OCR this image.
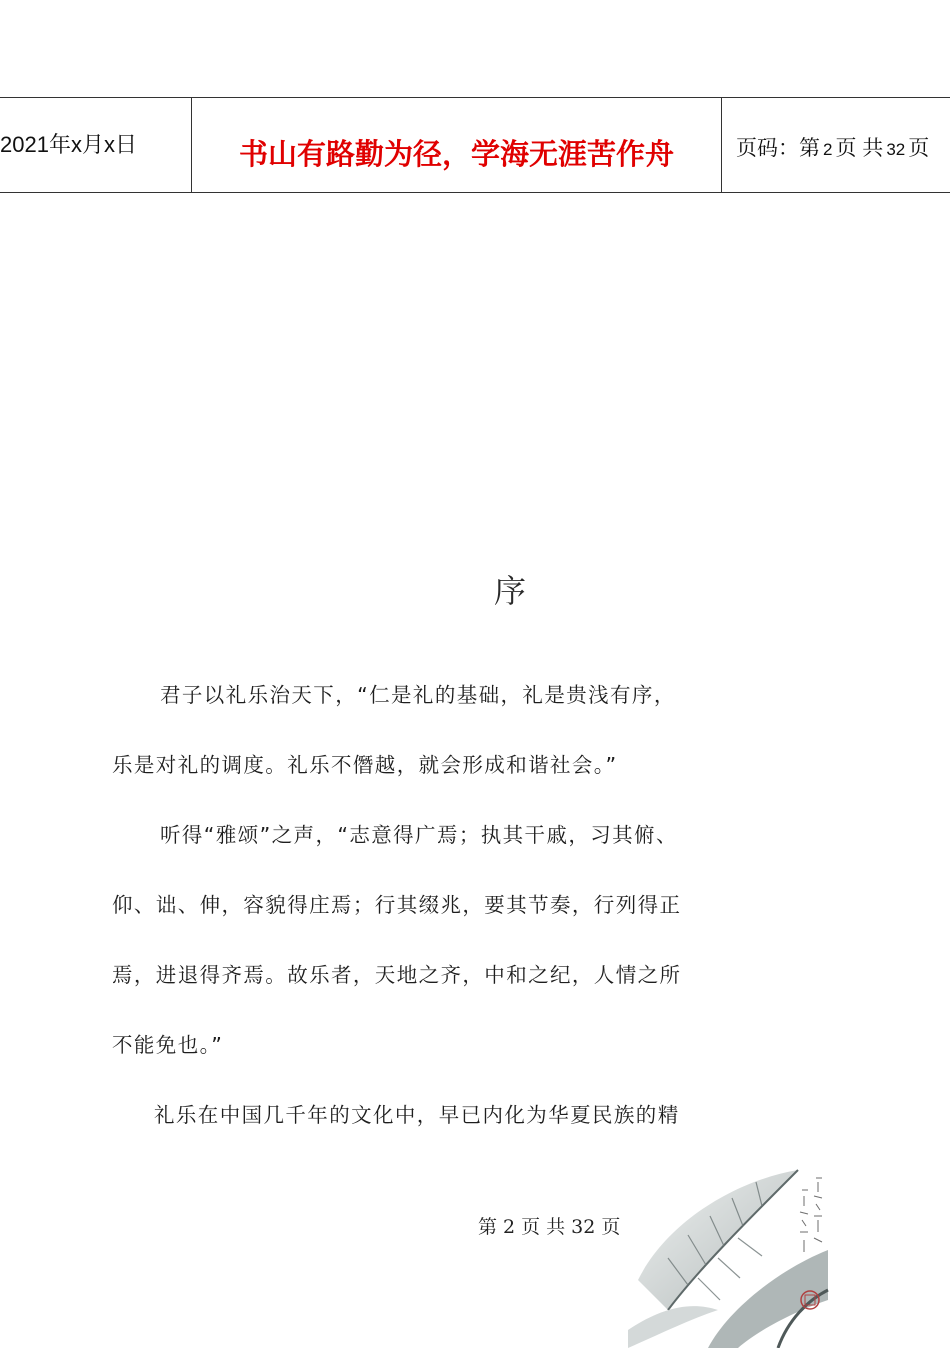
2021年x月x日	书山有路勤为径，学海无涯苦作舟	页码：第 2 页 共 32 页
序
君子以礼乐治天下，“仁是礼的基础，礼是贵浅有序，
乐是对礼的调度。礼乐不僭越，就会形成和谐社会。”
听得“雅颂”之声，“志意得广焉；执其干戚，习其俯、
仰、诎、伸，容貌得庄焉；行其缀兆，要其节奏，行列得正
焉，进退得齐焉。故乐者，天地之齐，中和之纪，人情之所
不能免也。”
礼乐在中国几千年的文化中，早已内化为华夏民族的精
第 2 页 共 32 页
